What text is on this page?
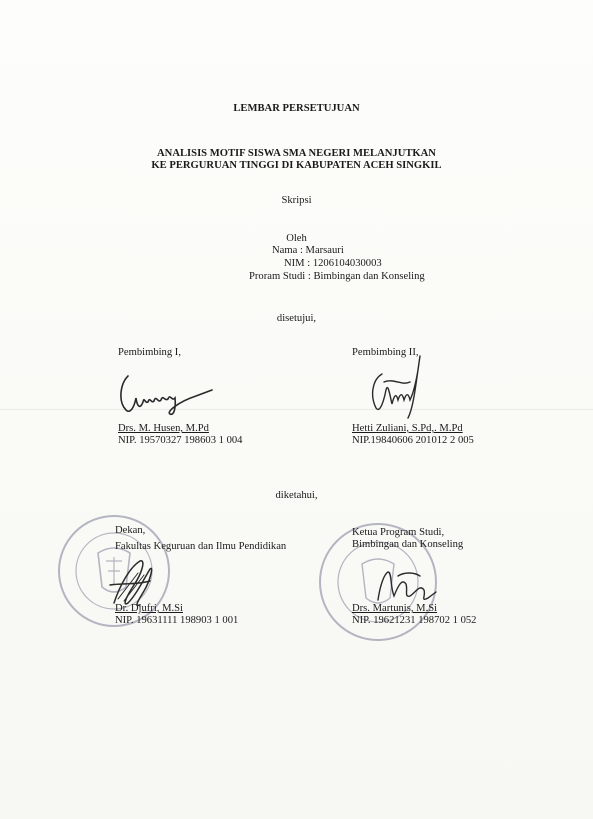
LEMBAR PERSETUJUAN
ANALISIS MOTIF SISWA SMA NEGERI MELANJUTKAN
KE PERGURUAN TINGGI DI KABUPATEN ACEH SINGKIL
Skripsi
Oleh
Nama : Marsauri
NIM : 1206104030003
Proram Studi : Bimbingan dan Konseling
disetujui,
Pembimbing I,	Pembimbing II,
Drs. M. Husen, M.Pd
NIP. 19570327 198603 1 004
Hetti Zuliani, S.Pd,. M.Pd
NIP.19840606 201012 2 005
diketahui,
Dekan,
Fakultas Keguruan dan Ilmu Pendidikan
Dr. Djufri, M.Si
NIP. 19631111 198903 1 001
Ketua Program Studi,
Bimbingan dan Konseling
Drs. Martunis, M.Si
NIP. 19621231 198702 1 052
